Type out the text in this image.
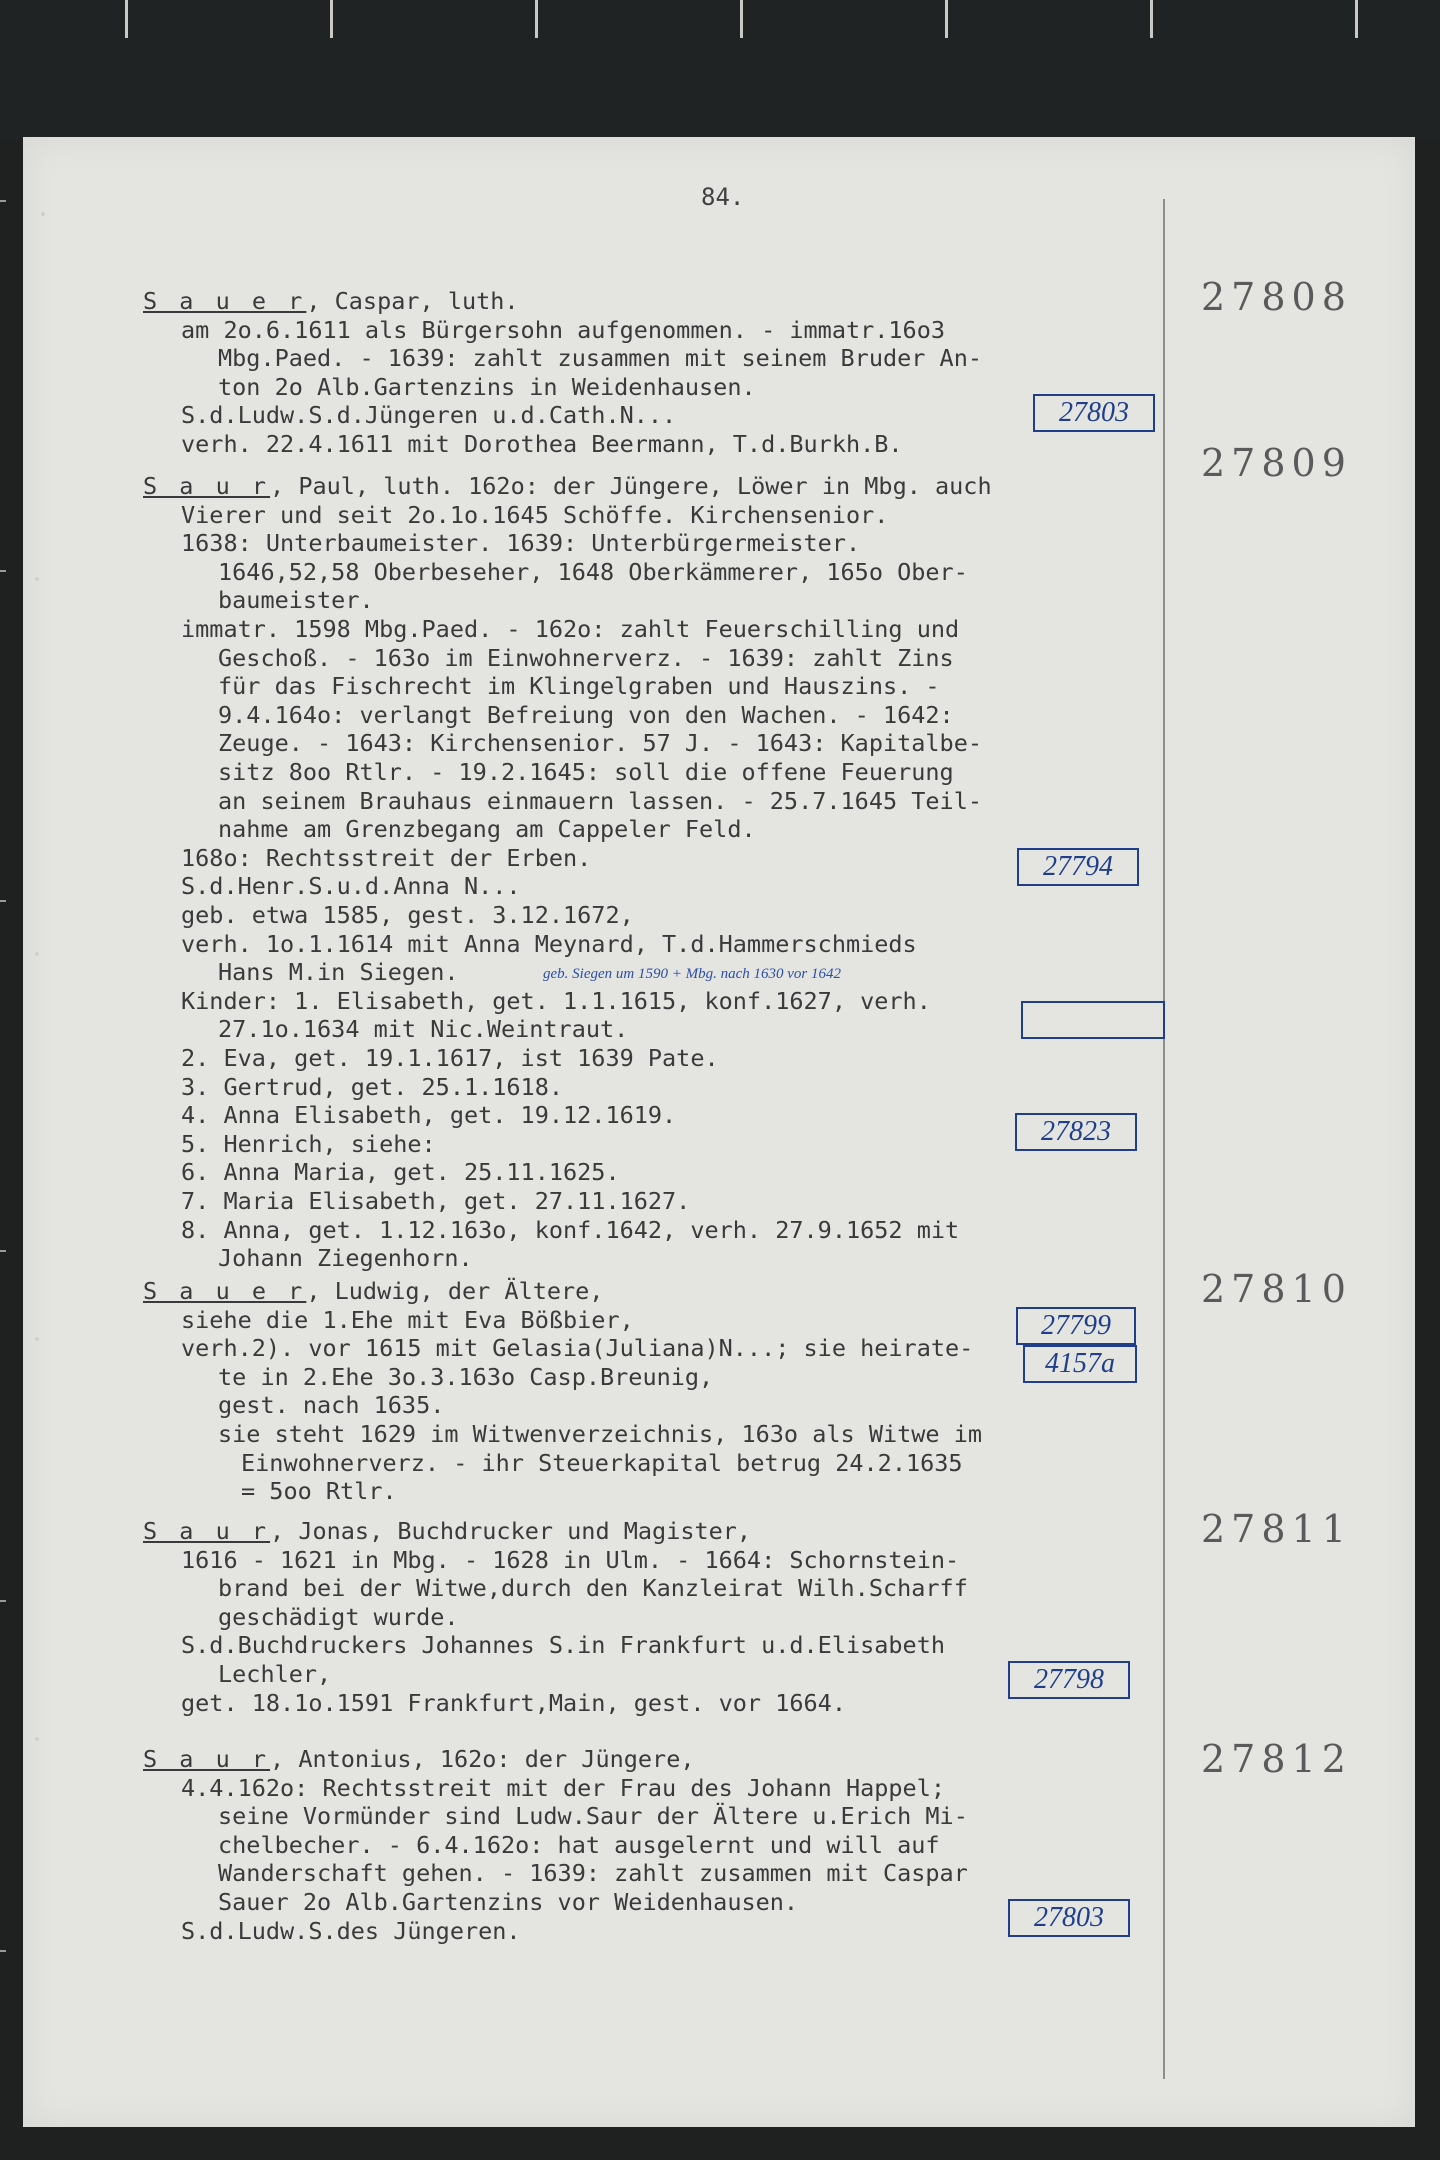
84.
27808
S a u e r, Caspar, luth.
am 2o.6.1611 als Bürgersohn aufgenommen. - immatr.16o3
Mbg.Paed. - 1639: zahlt zusammen mit seinem Bruder An-
ton 2o Alb.Gartenzins in Weidenhausen.
S.d.Ludw.S.d.Jüngeren u.d.Cath.N...
verh. 22.4.1611 mit Dorothea Beermann, T.d.Burkh.B.	27809
S a u r, Paul, luth. 162o: der Jüngere, Löwer in Mbg. auch
Vierer und seit 2o.1o.1645 Schöffe. Kirchensenior.
1638: Unterbaumeister. 1639: Unterbürgermeister.
1646,52,58 Oberbeseher, 1648 Oberkämmerer, 165o Ober-
baumeister.
immatr. 1598 Mbg.Paed. - 162o: zahlt Feuerschilling und
Geschoß. - 163o im Einwohnerverz. - 1639: zahlt Zins
für das Fischrecht im Klingelgraben und Hauszins. -
9.4.164o: verlangt Befreiung von den Wachen. - 1642:
Zeuge. - 1643: Kirchensenior. 57 J. - 1643: Kapitalbe-
sitz 8oo Rtlr. - 19.2.1645: soll die offene Feuerung
an seinem Brauhaus einmauern lassen. - 25.7.1645 Teil-
nahme am Grenzbegang am Cappeler Feld.
168o: Rechtsstreit der Erben.
S.d.Henr.S.u.d.Anna N...
geb. etwa 1585, gest. 3.12.1672,
verh. 1o.1.1614 mit Anna Meynard, T.d.Hammerschmieds
Hans M.in Siegen.
Kinder: 1. Elisabeth, get. 1.1.1615, konf.1627, verh.
27.1o.1634 mit Nic.Weintraut.
2. Eva, get. 19.1.1617, ist 1639 Pate.
3. Gertrud, get. 25.1.1618.
4. Anna Elisabeth, get. 19.12.1619.
5. Henrich, siehe:
6. Anna Maria, get. 25.11.1625.
7. Maria Elisabeth, get. 27.11.1627.
8. Anna, get. 1.12.163o, konf.1642, verh. 27.9.1652 mit
Johann Ziegenhorn.
27810
S a u e r, Ludwig, der Ältere,
siehe die 1.Ehe mit Eva Bößbier,
verh.2). vor 1615 mit Gelasia(Juliana)N...; sie heirate-
te in 2.Ehe 3o.3.163o Casp.Breunig,
gest. nach 1635.
sie steht 1629 im Witwenverzeichnis, 163o als Witwe im
Einwohnerverz. - ihr Steuerkapital betrug 24.2.1635
= 5oo Rtlr.
27811
S a u r, Jonas, Buchdrucker und Magister,
1616 - 1621 in Mbg. - 1628 in Ulm. - 1664: Schornstein-
brand bei der Witwe,durch den Kanzleirat Wilh.Scharff
geschädigt wurde.
S.d.Buchdruckers Johannes S.in Frankfurt u.d.Elisabeth
Lechler,
get. 18.1o.1591 Frankfurt,Main, gest. vor 1664.
27812
S a u r, Antonius, 162o: der Jüngere,
4.4.162o: Rechtsstreit mit der Frau des Johann Happel;
seine Vormünder sind Ludw.Saur der Ältere u.Erich Mi-
chelbecher. - 6.4.162o: hat ausgelernt und will auf
Wanderschaft gehen. - 1639: zahlt zusammen mit Caspar
Sauer 2o Alb.Gartenzins vor Weidenhausen.
S.d.Ludw.S.des Jüngeren.
27803
27794
27823
27799
4157a
27798
27803
geb. Siegen um 1590 + Mbg. nach 1630 vor 1642
